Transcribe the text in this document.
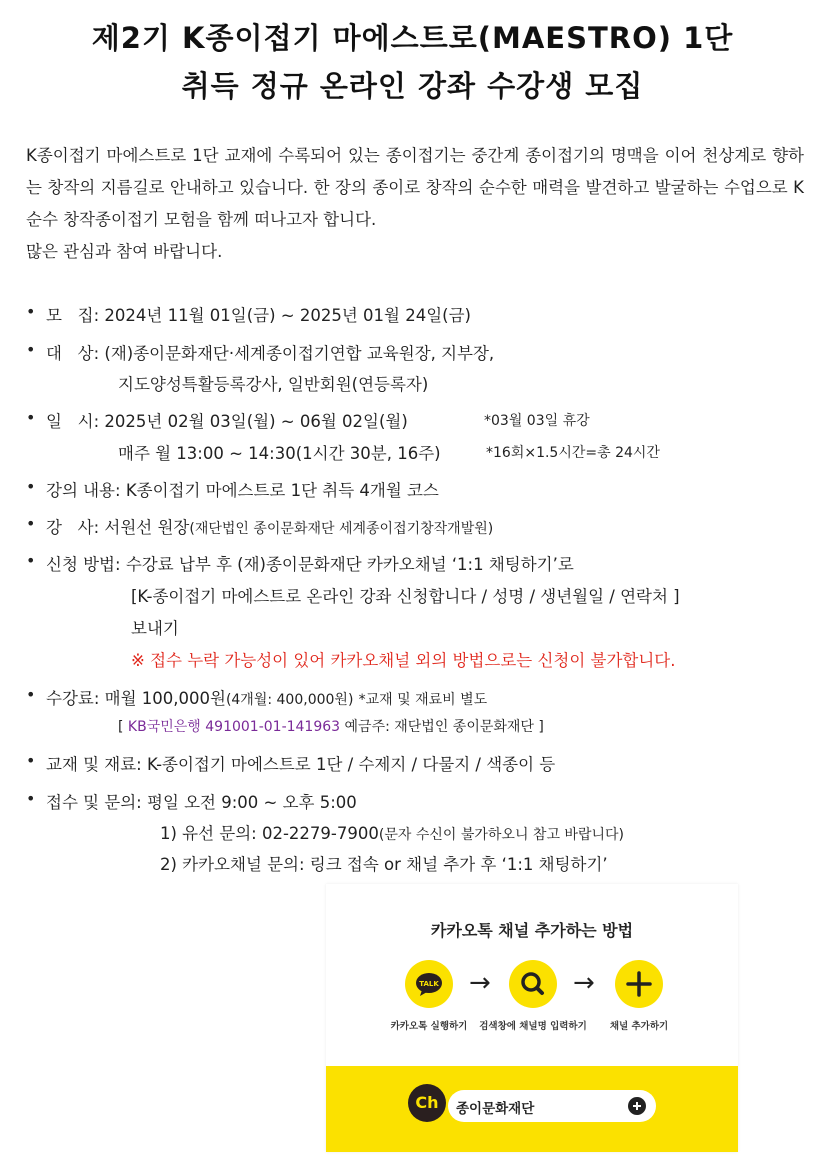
제2기 K종이접기 마에스트로(MAESTRO) 1단
취득 정규 온라인 강좌 수강생 모집
K종이접기 마에스트로 1단 교재에 수록되어 있는 종이접기는 중간계 종이접기의 명맥을 이어 천상계로 향하는 창작의 지름길로 안내하고 있습니다. 한 장의 종이로 창작의 순수한 매력을 발견하고 발굴하는 수업으로 K순수 창작종이접기 모험을 함께 떠나고자 합니다.
많은 관심과 참여 바랍니다.
• 모   집: 2024년 11월 01일(금) ~ 2025년 01월 24일(금)
• 대   상: (재)종이문화재단·세계종이접기연합 교육원장, 지부장,
지도양성특활등록강사, 일반회원(연등록자)
• 일   시: 2025년 02월 03일(월) ~ 06월 02일(월)	*03월 03일 휴강
매주 월 13:00 ~ 14:30(1시간 30분, 16주)	*16회×1.5시간=총 24시간
• 강의 내용: K종이접기 마에스트로 1단 취득 4개월 코스
• 강   사: 서원선 원장(재단법인 종이문화재단 세계종이접기창작개발원)
• 신청 방법: 수강료 납부 후 (재)종이문화재단 카카오채널 ‘1:1 채팅하기’로
[K-종이접기 마에스트로 온라인 강좌 신청합니다 / 성명 / 생년월일 / 연락처 ]
보내기
※ 접수 누락 가능성이 있어 카카오채널 외의 방법으로는 신청이 불가합니다.
• 수강료: 매월 100,000원(4개월: 400,000원) *교재 및 재료비 별도
[ KB국민은행 491001-01-141963 예금주: 재단법인 종이문화재단 ]
• 교재 및 재료: K-종이접기 마에스트로 1단 / 수제지 / 다물지 / 색종이 등
• 접수 및 문의: 평일 오전 9:00 ~ 오후 5:00
1) 유선 문의: 02-2279-7900(문자 수신이 불가하오니 참고 바랍니다)
2) 카카오채널 문의: 링크 접속 or 채널 추가 후 ‘1:1 채팅하기’
카카오톡 채널 추가하는 방법
TALK →	→
카카오톡 실행하기	검색창에 채널명 입력하기	채널 추가하기
종이문화재단
Ch
